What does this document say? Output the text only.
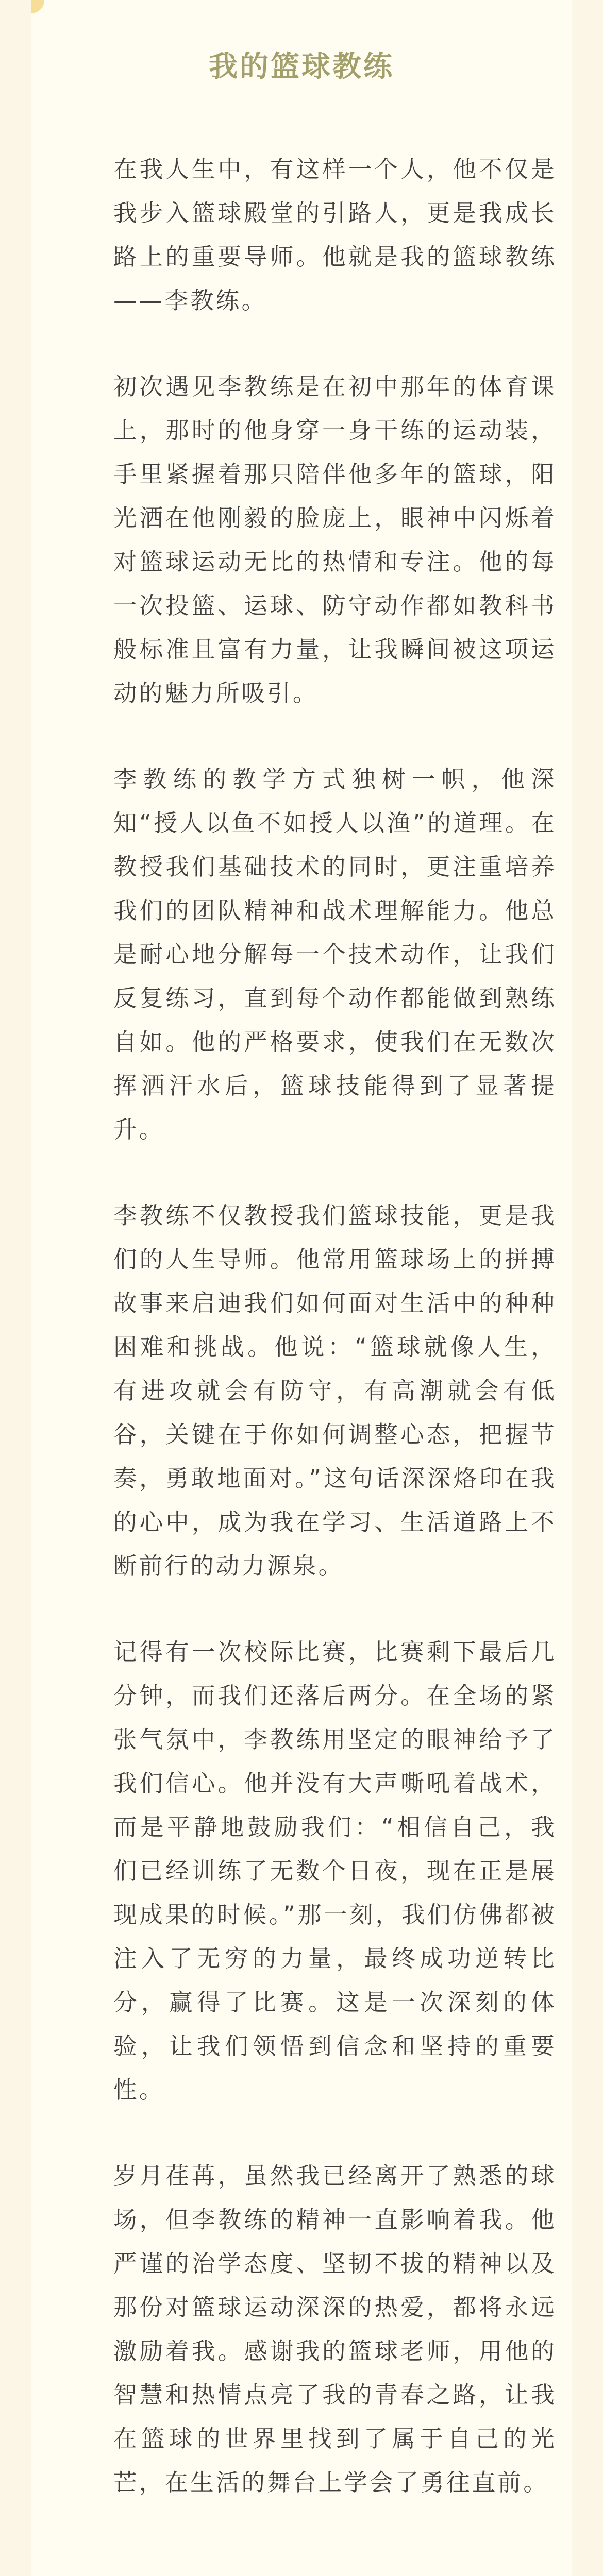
我的篮球教练

在我人生中，有这样一个人，他不仅是我步入篮球殿堂的引路人，更是我成长路上的重要导师。他就是我的篮球教练——李教练。

初次遇见李教练是在初中那年的体育课上，那时的他身穿一身干练的运动装，手里紧握着那只陪伴他多年的篮球，阳光洒在他刚毅的脸庞上，眼神中闪烁着对篮球运动无比的热情和专注。他的每一次投篮、运球、防守动作都如教科书般标准且富有力量，让我瞬间被这项运动的魅力所吸引。

李教练的教学方式独树一帜，他深知“授人以鱼不如授人以渔”的道理。在教授我们基础技术的同时，更注重培养我们的团队精神和战术理解能力。他总是耐心地分解每一个技术动作，让我们反复练习，直到每个动作都能做到熟练自如。他的严格要求，使我们在无数次挥洒汗水后，篮球技能得到了显著提升。

李教练不仅教授我们篮球技能，更是我们的人生导师。他常用篮球场上的拼搏故事来启迪我们如何面对生活中的种种困难和挑战。他说：“篮球就像人生，有进攻就会有防守，有高潮就会有低谷，关键在于你如何调整心态，把握节奏，勇敢地面对。”这句话深深烙印在我的心中，成为我在学习、生活道路上不断前行的动力源泉。

记得有一次校际比赛，比赛剩下最后几分钟，而我们还落后两分。在全场的紧张气氛中，李教练用坚定的眼神给予了我们信心。他并没有大声嘶吼着战术，而是平静地鼓励我们：“相信自己，我们已经训练了无数个日夜，现在正是展现成果的时候。”那一刻，我们仿佛都被注入了无穷的力量，最终成功逆转比分，赢得了比赛。这是一次深刻的体验，让我们领悟到信念和坚持的重要性。

岁月荏苒，虽然我已经离开了熟悉的球场，但李教练的精神一直影响着我。他严谨的治学态度、坚韧不拔的精神以及那份对篮球运动深深的热爱，都将永远激励着我。感谢我的篮球老师，用他的智慧和热情点亮了我的青春之路，让我在篮球的世界里找到了属于自己的光芒，在生活的舞台上学会了勇往直前。
